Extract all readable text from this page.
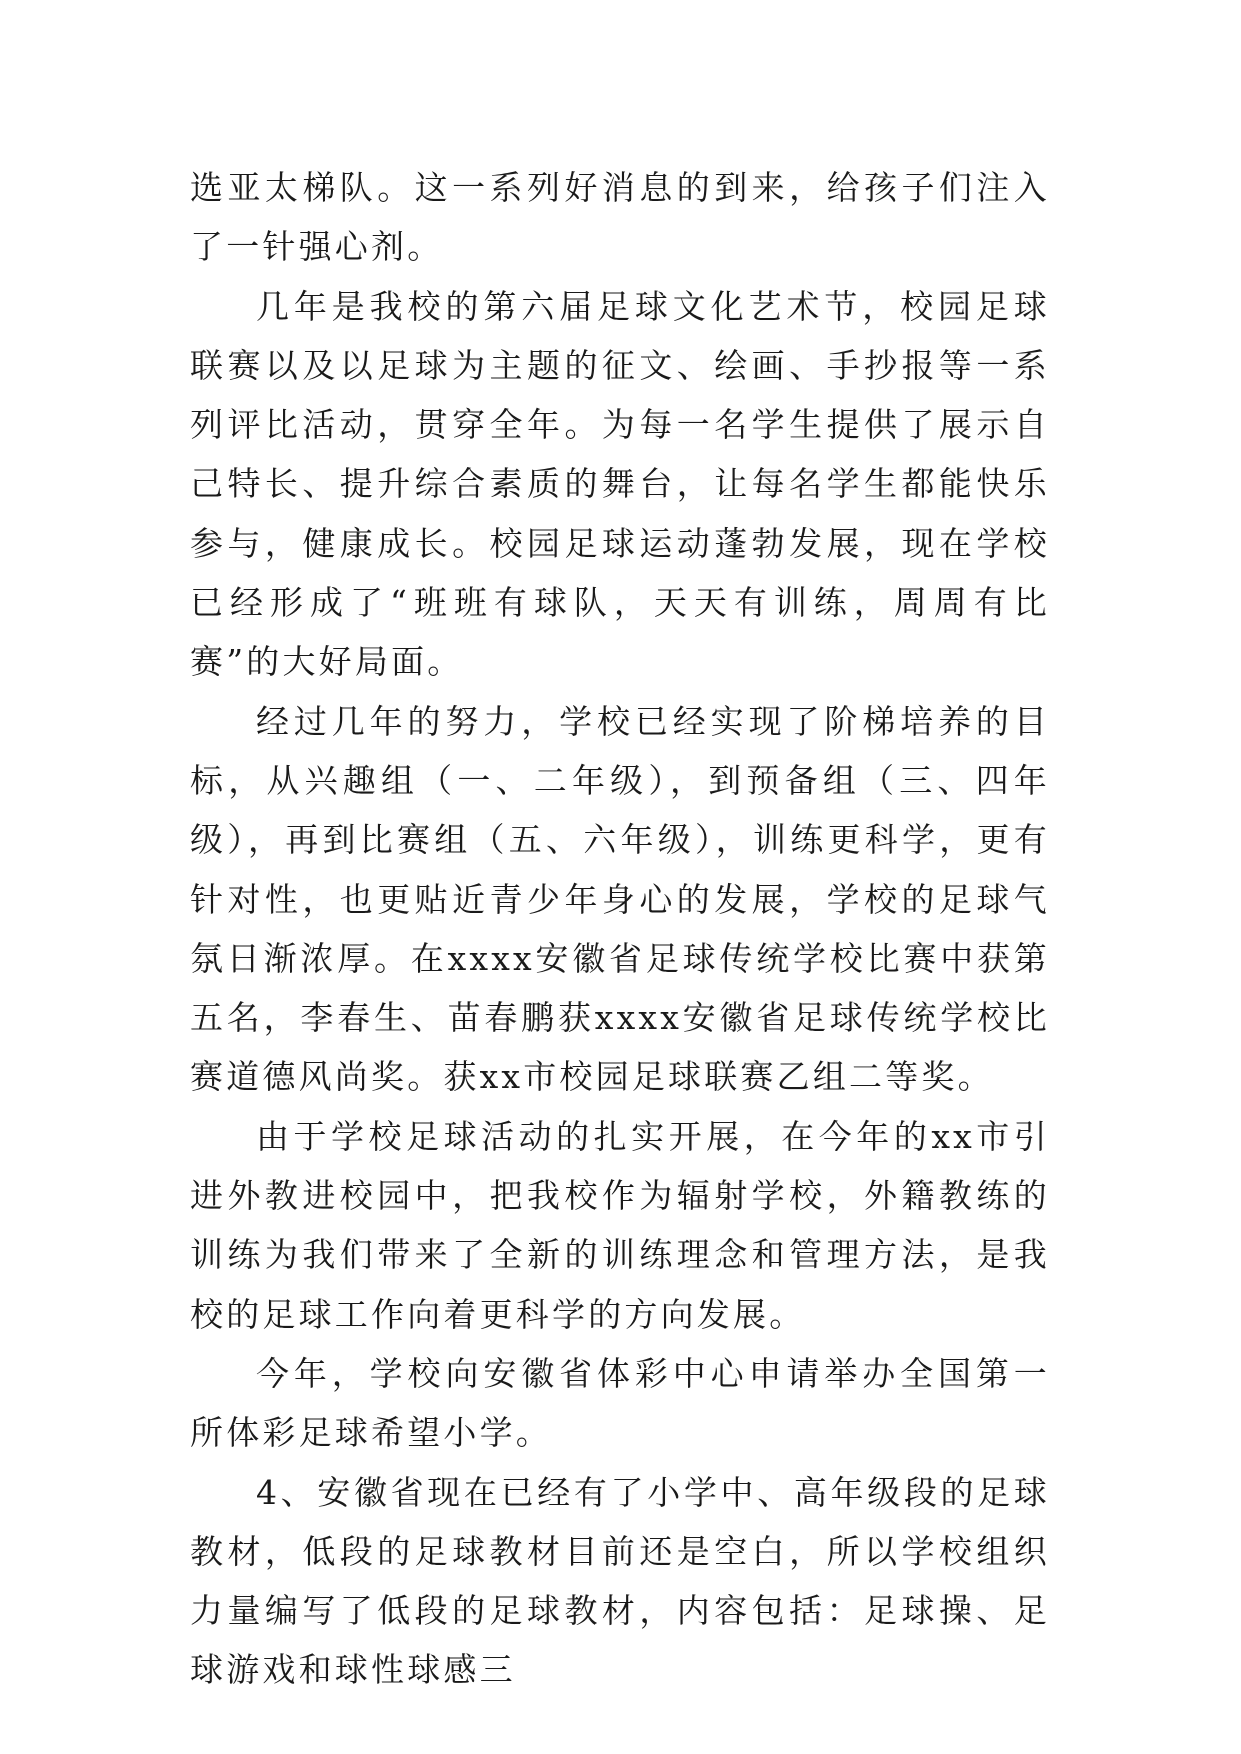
选亚太梯队。这一系列好消息的到来，给孩子们注入了一针强心剂。

几年是我校的第六届足球文化艺术节，校园足球联赛以及以足球为主题的征文、绘画、手抄报等一系列评比活动，贯穿全年。为每一名学生提供了展示自己特长、提升综合素质的舞台，让每名学生都能快乐参与，健康成长。校园足球运动蓬勃发展，现在学校已经形成了“班班有球队，天天有训练，周周有比赛”的大好局面。

经过几年的努力，学校已经实现了阶梯培养的目标，从兴趣组（一、二年级），到预备组（三、四年级），再到比赛组（五、六年级），训练更科学，更有针对性，也更贴近青少年身心的发展，学校的足球气氛日渐浓厚。在xxxx安徽省足球传统学校比赛中获第五名，李春生、苗春鹏获xxxx安徽省足球传统学校比赛道德风尚奖。获xx市校园足球联赛乙组二等奖。

由于学校足球活动的扎实开展，在今年的xx市引进外教进校园中，把我校作为辐射学校，外籍教练的训练为我们带来了全新的训练理念和管理方法，是我校的足球工作向着更科学的方向发展。

今年，学校向安徽省体彩中心申请举办全国第一所体彩足球希望小学。

4、安徽省现在已经有了小学中、高年级段的足球教材，低段的足球教材目前还是空白，所以学校组织力量编写了低段的足球教材，内容包括：足球操、足球游戏和球性球感三
